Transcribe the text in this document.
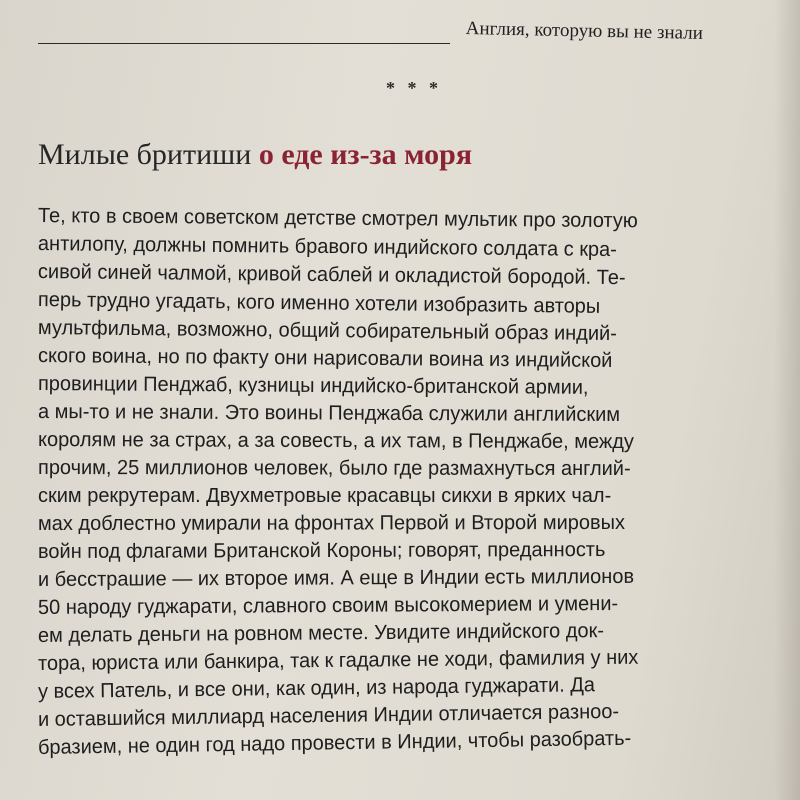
Англия, которую вы не знали
* * *
Милые бритиши о еде из-за моря
Те, кто в своем советском детстве смотрел мультик про золотую
антилопу, должны помнить бравого индийского солдата с кра-
сивой синей чалмой, кривой саблей и окладистой бородой. Те-
перь трудно угадать, кого именно хотели изобразить авторы
мультфильма, возможно, общий собирательный образ индий-
ского воина, но по факту они нарисовали воина из индийской
провинции Пенджаб, кузницы индийско-британской армии,
а мы-то и не знали. Это воины Пенджаба служили английским
королям не за страх, а за совесть, а их там, в Пенджабе, между
прочим, 25 миллионов человек, было где размахнуться англий-
ским рекрутерам. Двухметровые красавцы сикхи в ярких чал-
мах доблестно умирали на фронтах Первой и Второй мировых
войн под флагами Британской Короны; говорят, преданность
и бесстрашие — их второе имя. А еще в Индии есть миллионов
50 народу гуджарати, славного своим высокомерием и умени-
ем делать деньги на ровном месте. Увидите индийского док-
тора, юриста или банкира, так к гадалке не ходи, фамилия у них
у всех Патель, и все они, как один, из народа гуджарати. Да
и оставшийся миллиард населения Индии отличается разноо-
бразием, не один год надо провести в Индии, чтобы разобрать-
